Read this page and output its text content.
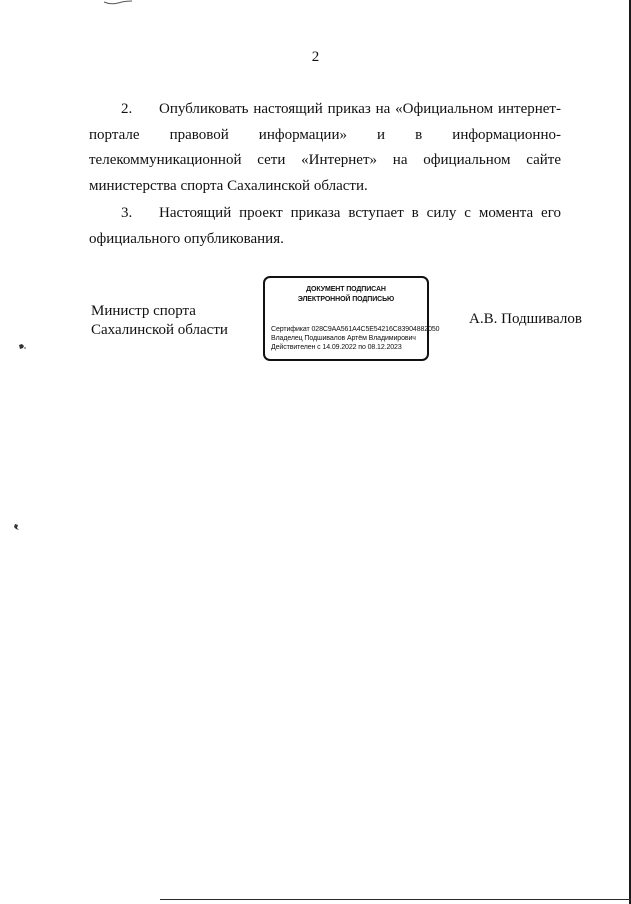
2

2. Опубликовать настоящий приказ на «Официальном интернет-портале правовой информации» и в информационно-телекоммуникационной сети «Интернет» на официальном сайте министерства спорта Сахалинской области.

3. Настоящий проект приказа вступает в силу с момента его официального опубликования.

Министр спорта
Сахалинской области
ДОКУМЕНТ ПОДПИСАН
ЭЛЕКТРОННОЙ ПОДПИСЬЮ
Сертификат 028C9AA561A4C5E54216C83904882050
Владелец Подшивалов Артём Владимирович
Действителен с 14.09.2022 по 08.12.2023
А.В. Подшивалов
